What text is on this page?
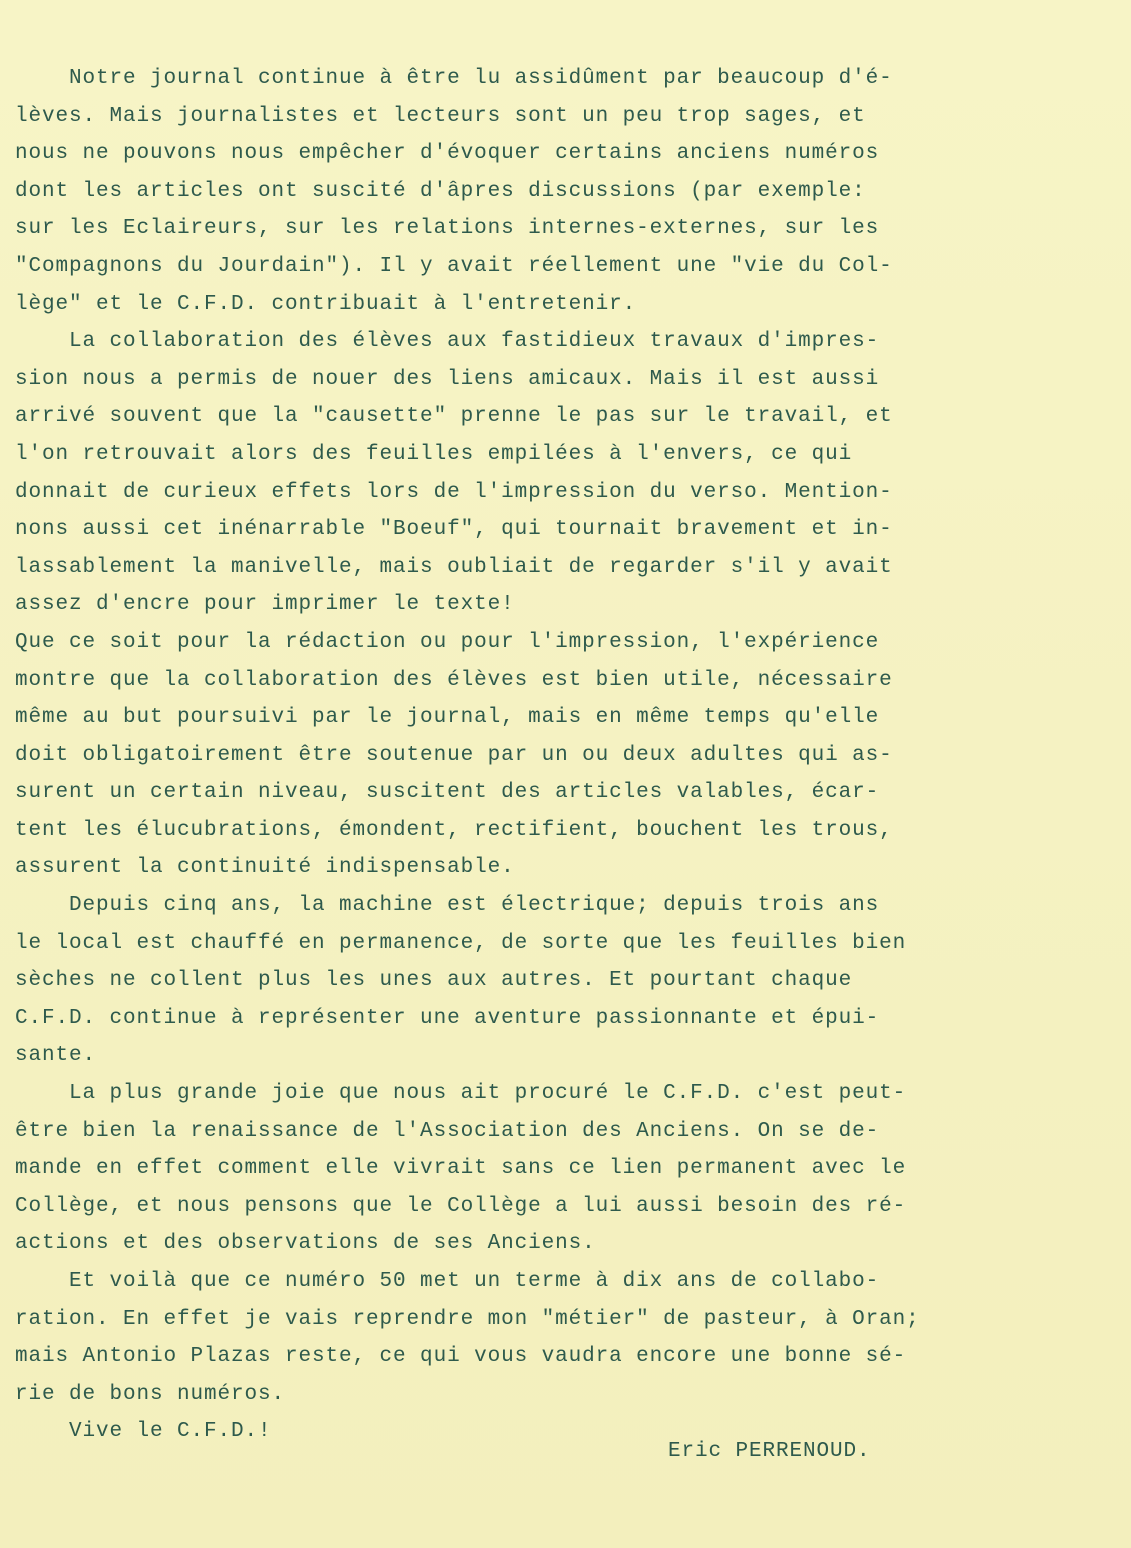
Notre journal continue à être lu assidûment par beaucoup d'é-
lèves. Mais journalistes et lecteurs sont un peu trop sages, et
nous ne pouvons nous empêcher d'évoquer certains anciens numéros
dont les articles ont suscité d'âpres discussions (par exemple:
sur les Eclaireurs, sur les relations internes-externes, sur les
"Compagnons du Jourdain"). Il y avait réellement une "vie du Col-
lège" et le C.F.D. contribuait à l'entretenir.
La collaboration des élèves aux fastidieux travaux d'impres-
sion nous a permis de nouer des liens amicaux. Mais il est aussi
arrivé souvent que la "causette" prenne le pas sur le travail, et
l'on retrouvait alors des feuilles empilées à l'envers, ce qui
donnait de curieux effets lors de l'impression du verso. Mention-
nons aussi cet inénarrable "Boeuf", qui tournait bravement et in-
lassablement la manivelle, mais oubliait de regarder s'il y avait
assez d'encre pour imprimer le texte!
Que ce soit pour la rédaction ou pour l'impression, l'expérience
montre que la collaboration des élèves est bien utile, nécessaire
même au but poursuivi par le journal, mais en même temps qu'elle
doit obligatoirement être soutenue par un ou deux adultes qui as-
surent un certain niveau, suscitent des articles valables, écar-
tent les élucubrations, émondent, rectifient, bouchent les trous,
assurent la continuité indispensable.
Depuis cinq ans, la machine est électrique; depuis trois ans
le local est chauffé en permanence, de sorte que les feuilles bien
sèches ne collent plus les unes aux autres. Et pourtant chaque
C.F.D. continue à représenter une aventure passionnante et épui-
sante.
La plus grande joie que nous ait procuré le C.F.D. c'est peut-
être bien la renaissance de l'Association des Anciens. On se de-
mande en effet comment elle vivrait sans ce lien permanent avec le
Collège, et nous pensons que le Collège a lui aussi besoin des ré-
actions et des observations de ses Anciens.
Et voilà que ce numéro 50 met un terme à dix ans de collabo-
ration. En effet je vais reprendre mon "métier" de pasteur, à Oran;
mais Antonio Plazas reste, ce qui vous vaudra encore une bonne sé-
rie de bons numéros.
Vive le C.F.D.!
Eric PERRENOUD.
